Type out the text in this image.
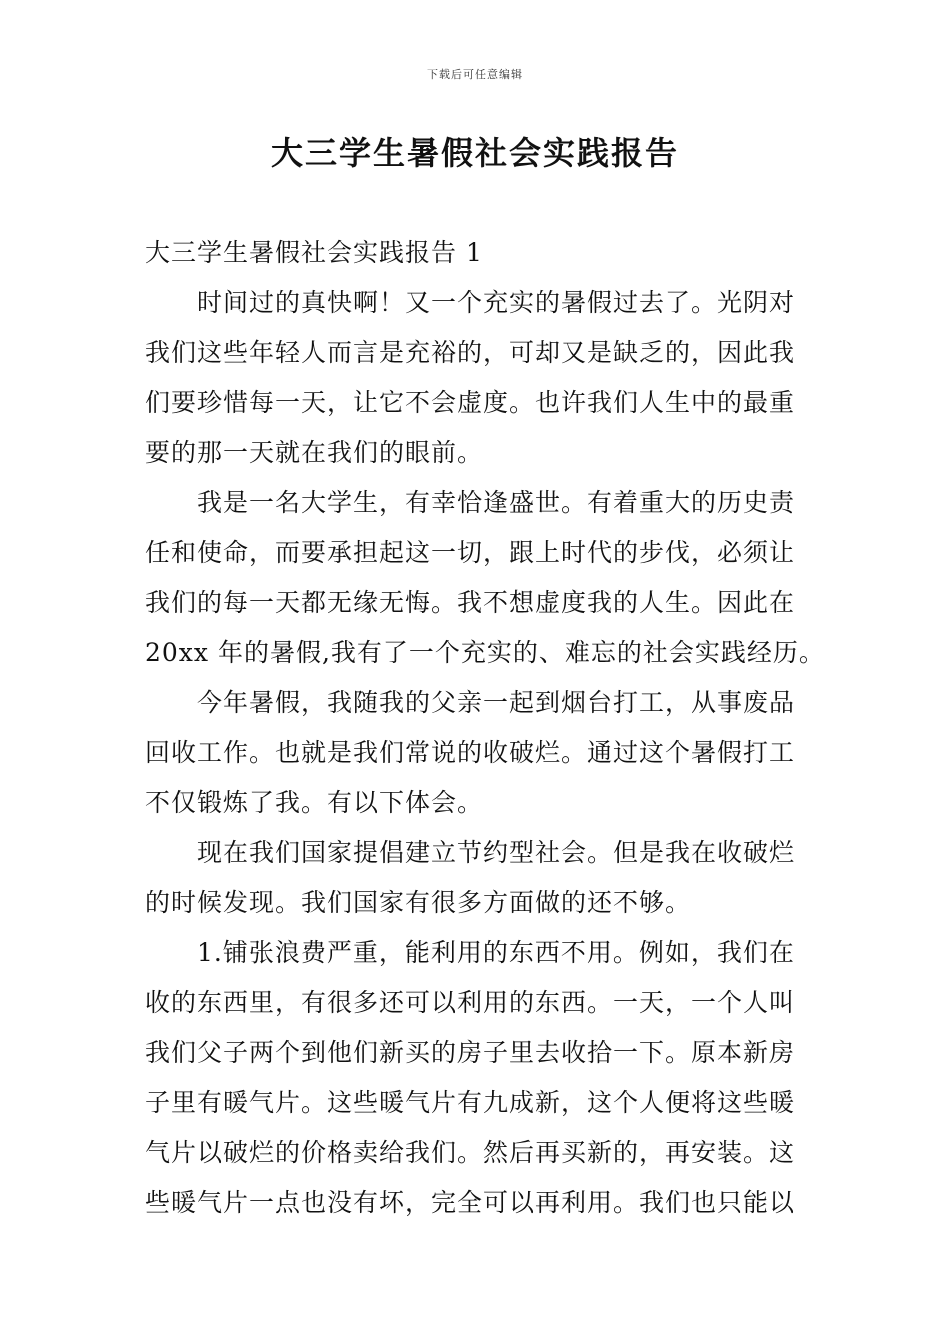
下载后可任意编辑
大三学生暑假社会实践报告
大三学生暑假社会实践报告 1
时间过的真快啊！又一个充实的暑假过去了。光阴对
我们这些年轻人而言是充裕的，可却又是缺乏的，因此我
们要珍惜每一天，让它不会虚度。也许我们人生中的最重
要的那一天就在我们的眼前。
我是一名大学生，有幸恰逢盛世。有着重大的历史责
任和使命，而要承担起这一切，跟上时代的步伐，必须让
我们的每一天都无缘无悔。我不想虚度我的人生。因此在
20xx 年的暑假,我有了一个充实的、难忘的社会实践经历。
今年暑假，我随我的父亲一起到烟台打工，从事废品
回收工作。也就是我们常说的收破烂。通过这个暑假打工
不仅锻炼了我。有以下体会。
现在我们国家提倡建立节约型社会。但是我在收破烂
的时候发现。我们国家有很多方面做的还不够。
1.铺张浪费严重，能利用的东西不用。例如，我们在
收的东西里，有很多还可以利用的东西。一天，一个人叫
我们父子两个到他们新买的房子里去收拾一下。原本新房
子里有暖气片。这些暖气片有九成新，这个人便将这些暖
气片以破烂的价格卖给我们。然后再买新的，再安装。这
些暖气片一点也没有坏，完全可以再利用。我们也只能以
